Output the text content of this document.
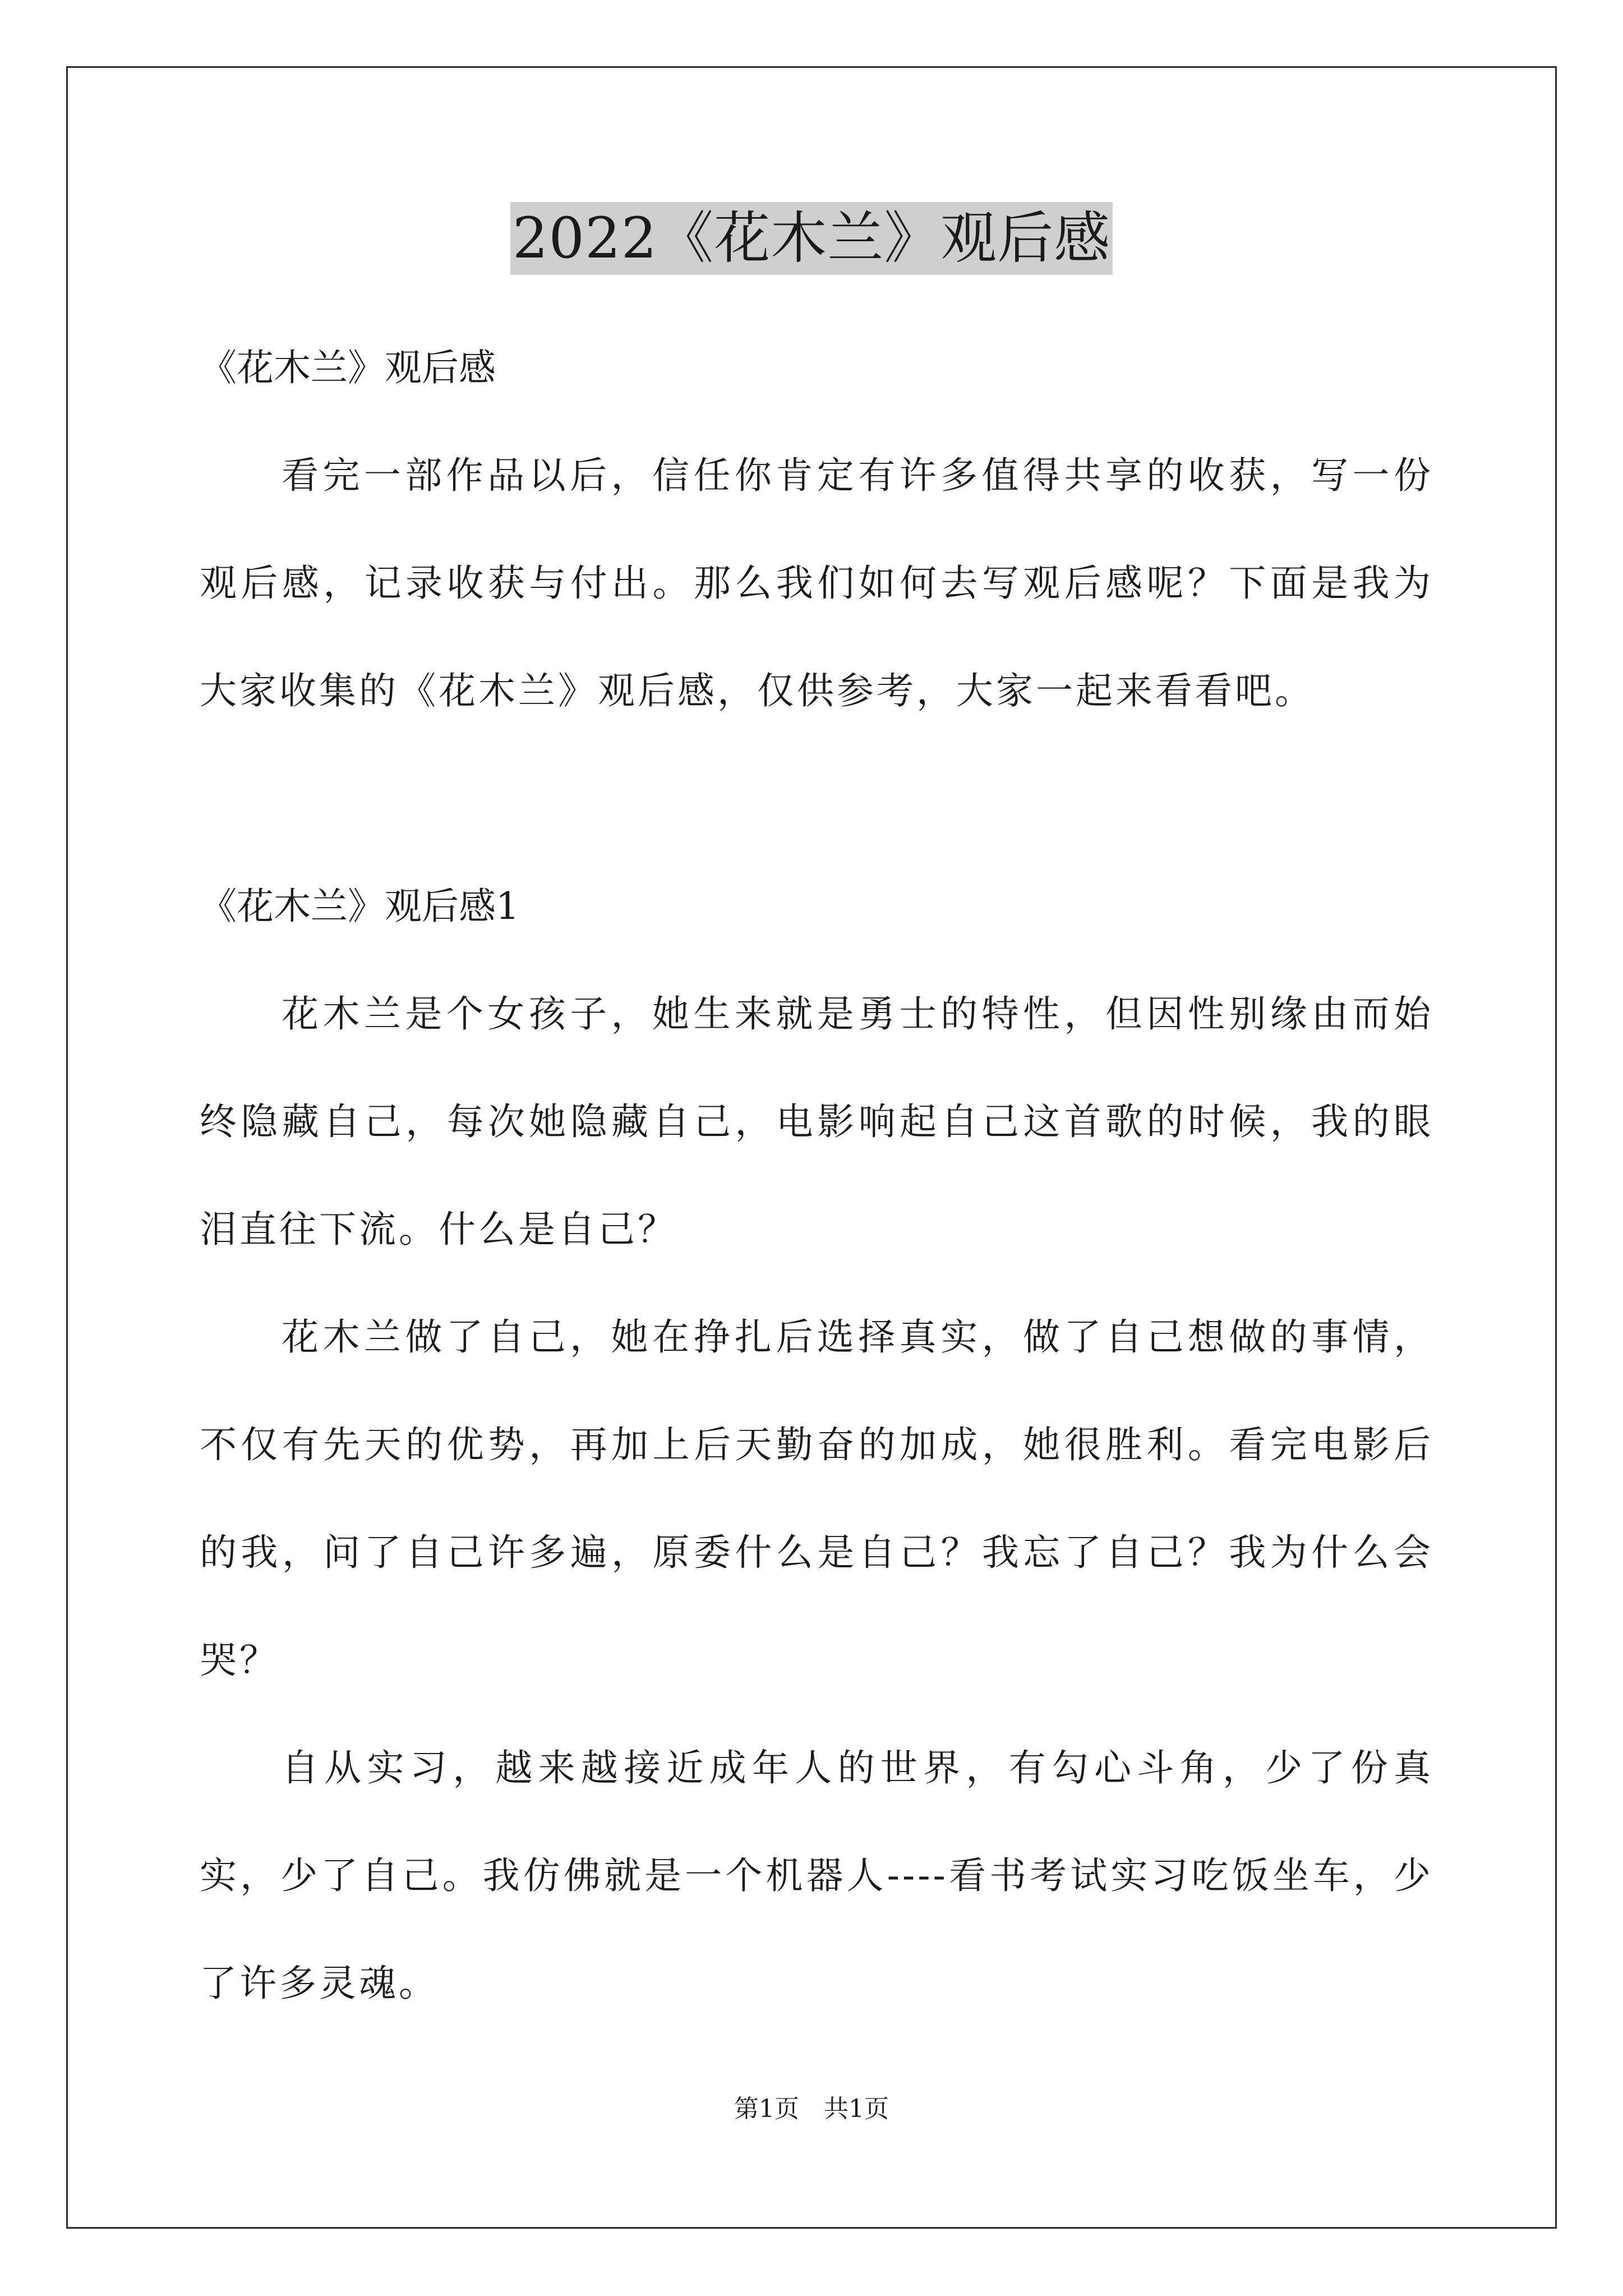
2022《花木兰》观后感

《花木兰》观后感

看完一部作品以后，信任你肯定有许多值得共享的收获，写一份观后感，记录收获与付出。那么我们如何去写观后感呢？下面是我为大家收集的《花木兰》观后感，仅供参考，大家一起来看看吧。

《花木兰》观后感1

花木兰是个女孩子，她生来就是勇士的特性，但因性别缘由而始终隐藏自己，每次她隐藏自己，电影响起自己这首歌的时候，我的眼泪直往下流。什么是自己？

花木兰做了自己，她在挣扎后选择真实，做了自己想做的事情，不仅有先天的优势，再加上后天勤奋的加成，她很胜利。看完电影后的我，问了自己许多遍，原委什么是自己？我忘了自己？我为什么会哭？

自从实习，越来越接近成年人的世界，有勾心斗角，少了份真实，少了自己。我仿佛就是一个机器人----看书考试实习吃饭坐车，少了许多灵魂。

第1页　共1页
